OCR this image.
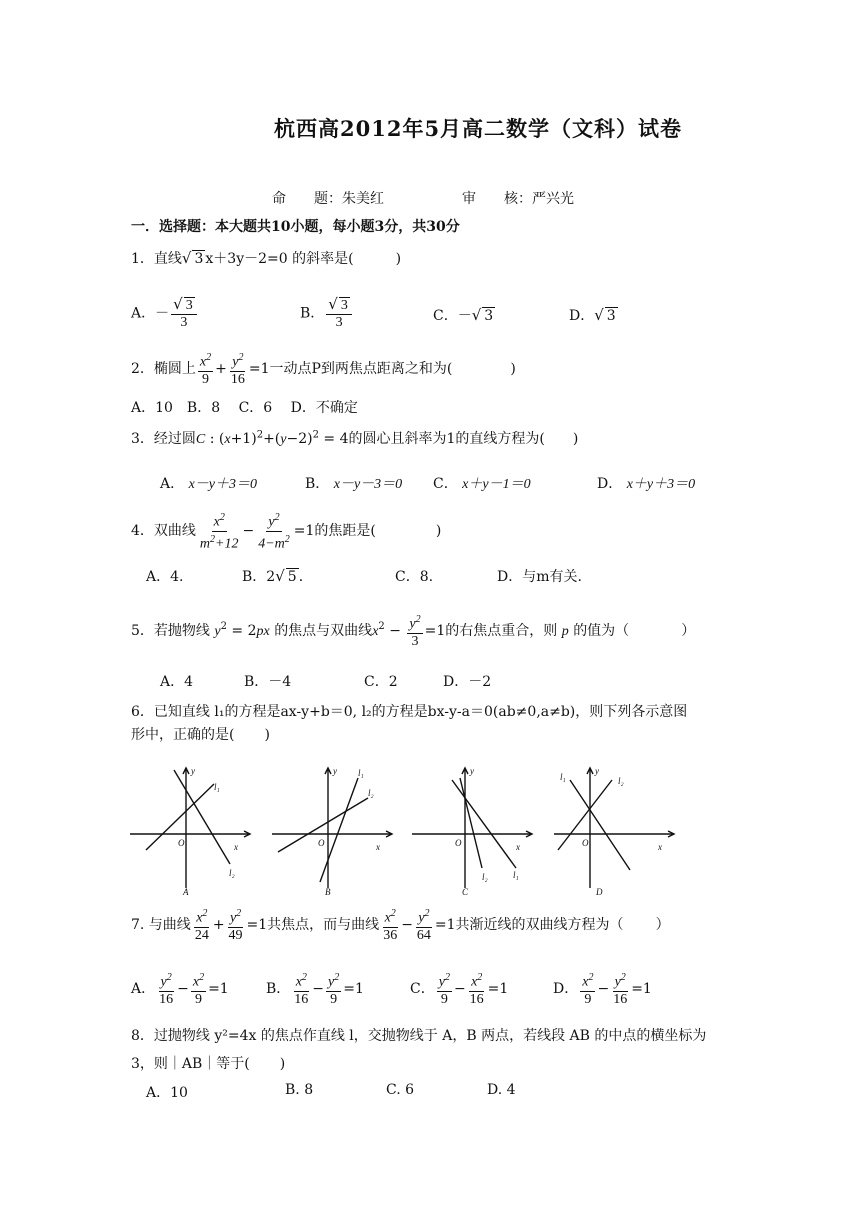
杭西高2012年5月高二数学（文科）试卷
命　　题：朱美红	审　　核：严兴光
一．选择题：本大题共10小题，每小题3分，共30分
1．直线√ 3 x＋3y－2=0 的斜率是(	)
A．－ $\frac{√ 3}{3}$	B． $\frac{√ 3}{3}$	C．－√ 3	D．√ 3
2．椭圆上 $\frac{x^2}{9} + \frac{y^2}{16} =1$一动点P到两焦点距离之和为(	)
A．10　B．8　 C．6　 D．不确定
3．经过圆C : $(x+1)^2+(y-2)^2 = 4$的圆心且斜率为1的直线方程为( )
A． x－y＋3＝0	B． x－y－3＝0 C． x＋y－1＝0	D． x＋y＋3＝0
4．双曲线 $\frac{x^2}{m^2+12} - \frac{y^2}{4-m^2} =1$的焦距是(	)
A．4.	B．2√ 5 ．	C．8.	D．与m有关.
5．若抛物线 $y^2 = 2px$ 的焦点与双曲线$x^2 - \frac{y^2}{3} =1$的右焦点重合，则 p 的值为（	）
A．4	B．－4	C．2	D．－2
6．已知直线 l₁的方程是ax-y+b＝0, l₂的方程是bx-y-a＝0(ab≠0,a≠b)，则下列各示意图
形中，正确的是( )
y
l₁
l₂
O	x
A
y l₁
l₂
O	x
B
y
l₂	l₁
O	x
C
y
l₁	l₂
O	x
D
7. 与曲线 $\frac{x^2}{24} + \frac{y^2}{49} =1$共焦点，而与曲线 $\frac{x^2}{36} - \frac{y^2}{64} =1$共渐近线的双曲线方程为（ ）
A． $\frac{y^2}{16} - \frac{x^2}{9} =1$	B． $\frac{x^2}{16} - \frac{y^2}{9} =1$	C． $\frac{y^2}{9} - \frac{x^2}{16} =1$	D． $\frac{x^2}{9} - \frac{y^2}{16} =1$
8．过抛物线 y²=4x 的焦点作直线 l，交抛物线于 A，B 两点，若线段 AB 的中点的横坐标为
3，则｜AB｜等于( )
A．10	B. 8	C. 6	D. 4
